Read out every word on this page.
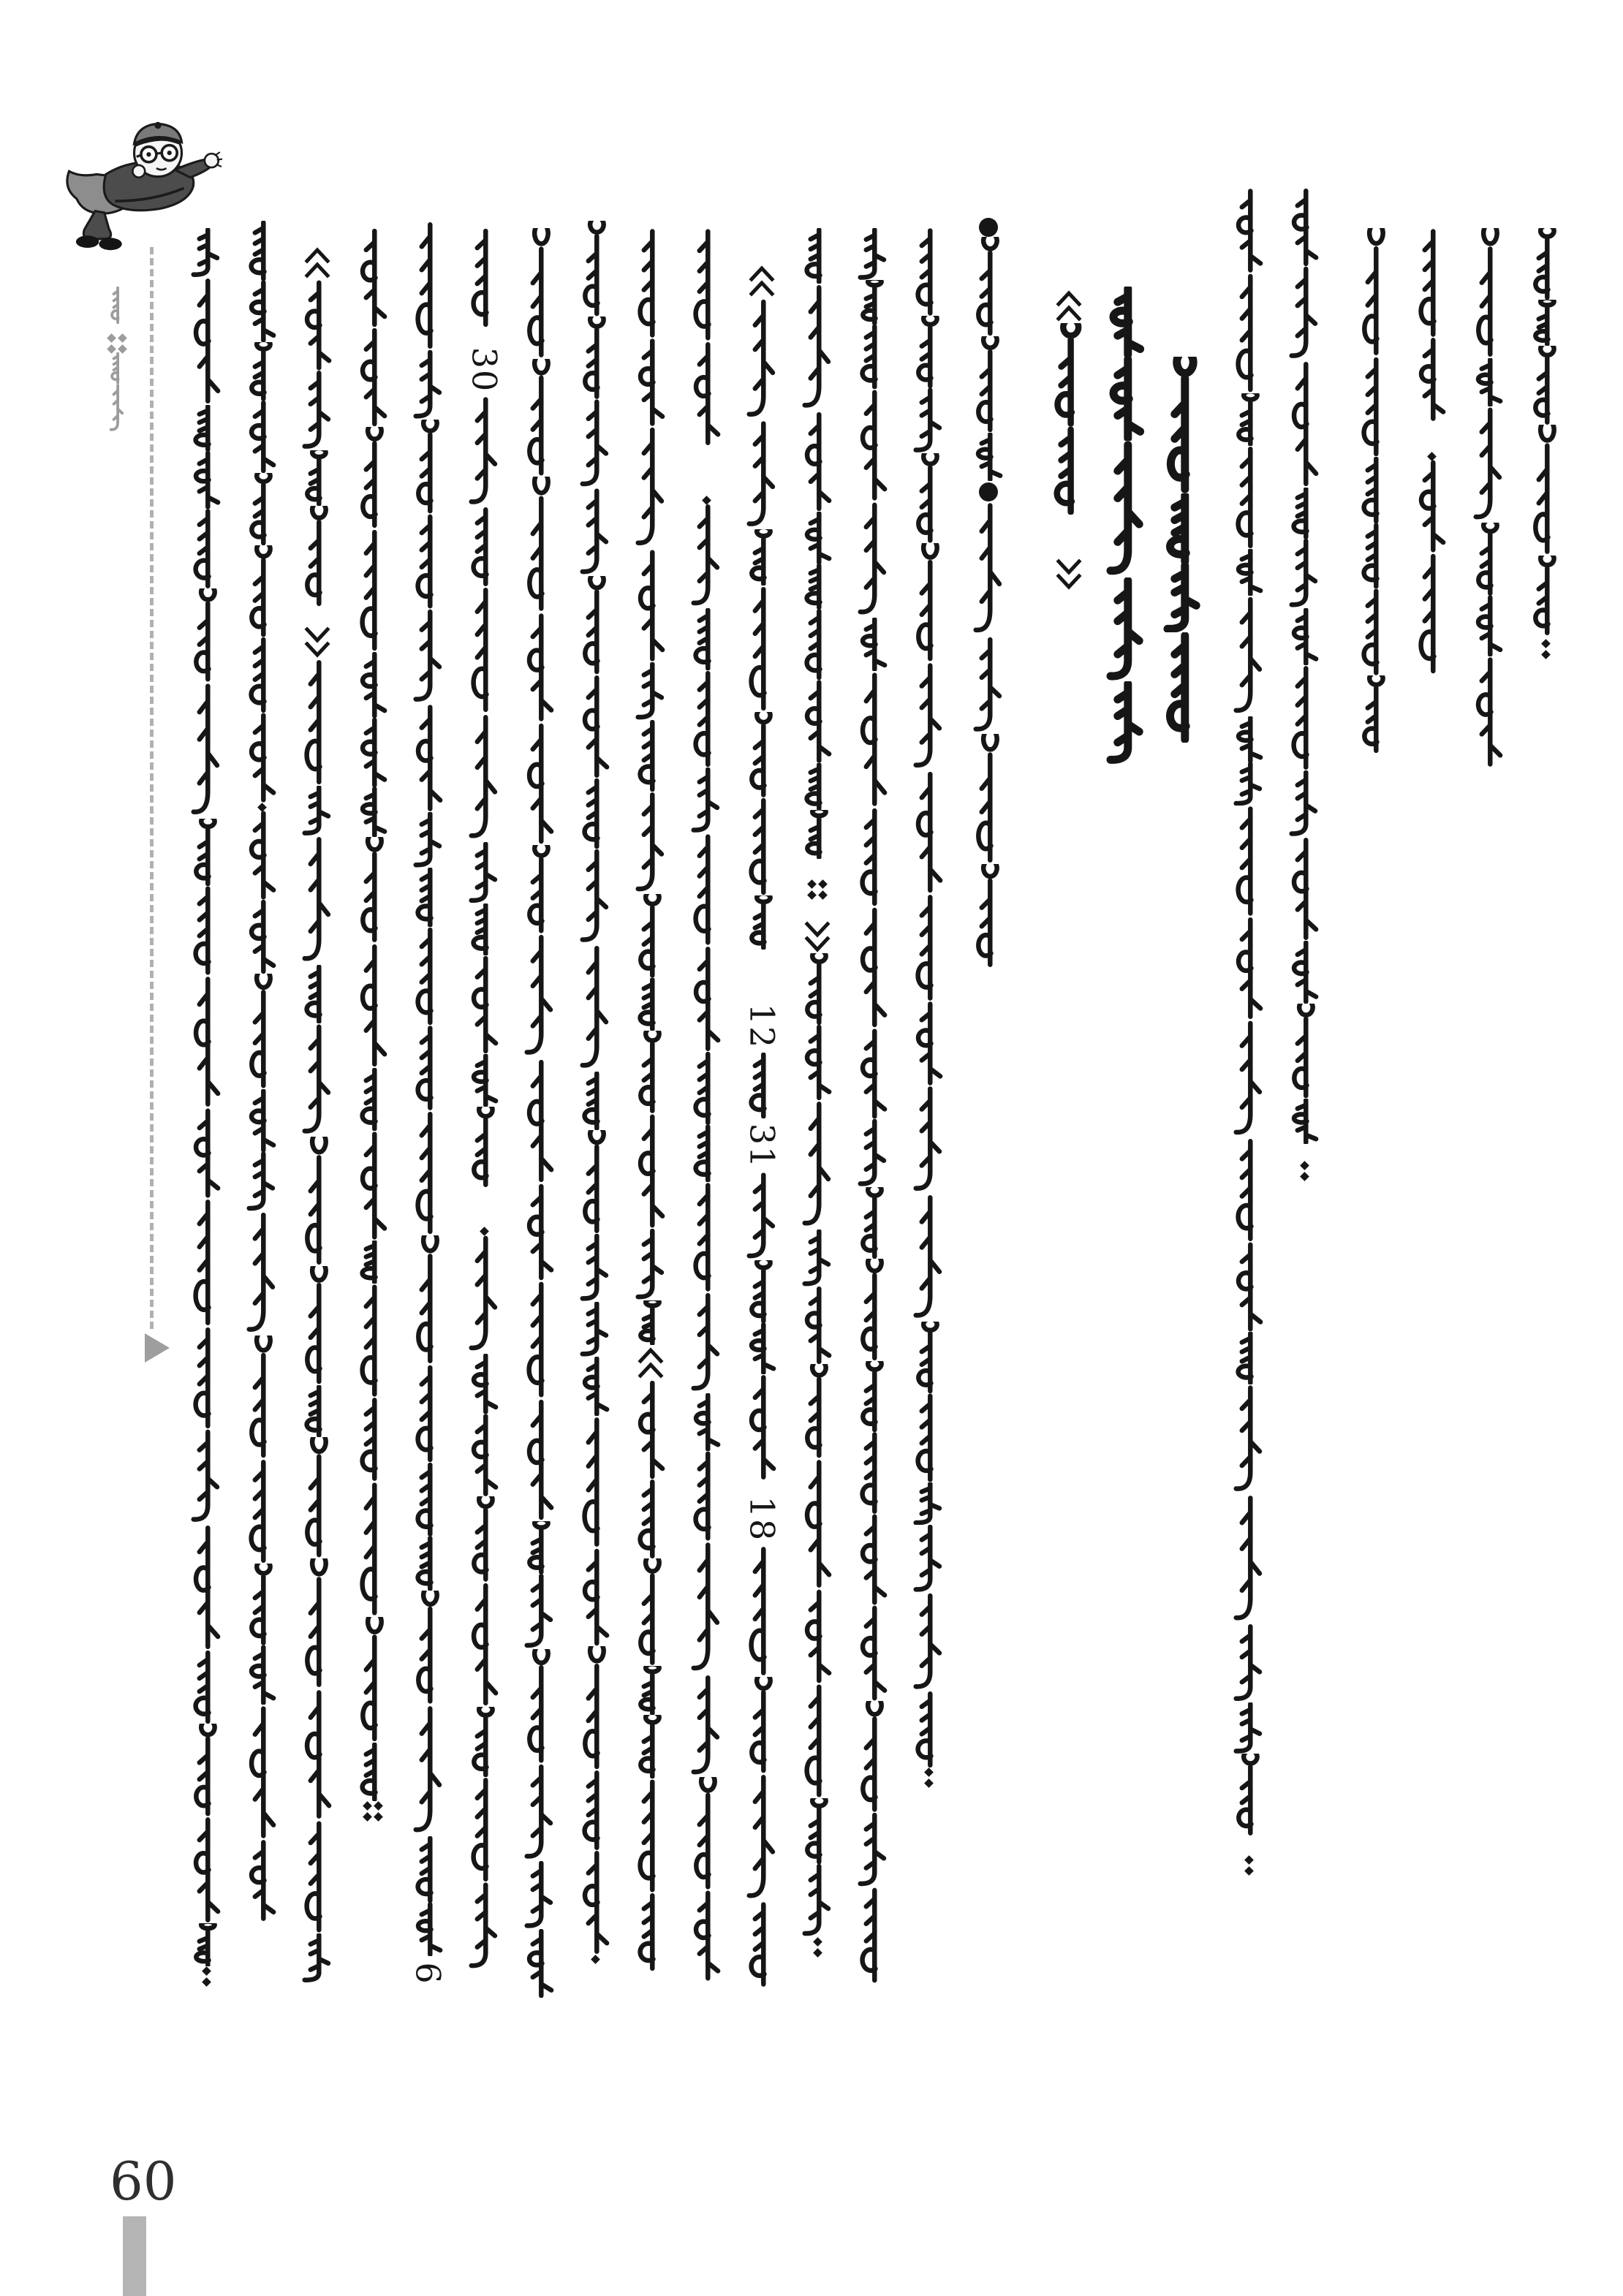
6
30
12
31
18
60
